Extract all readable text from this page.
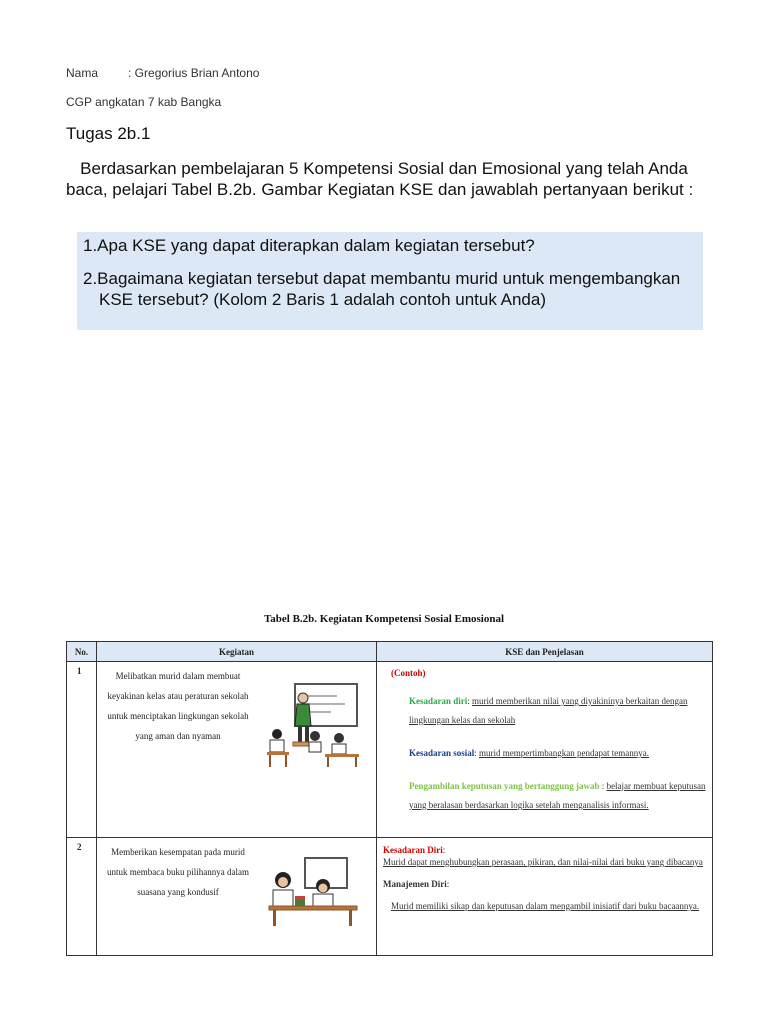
Nama	: Gregorius Brian Antono
CGP angkatan 7 kab Bangka
Tugas 2b.1
Berdasarkan pembelajaran 5 Kompetensi Sosial dan Emosional yang telah Anda baca, pelajari Tabel B.2b. Gambar Kegiatan KSE dan jawablah pertanyaan berikut :
1.Apa KSE yang dapat diterapkan dalam kegiatan tersebut?
2.Bagaimana kegiatan tersebut dapat membantu murid untuk mengembangkan KSE tersebut? (Kolom 2 Baris 1 adalah contoh untuk Anda)
Tabel B.2b. Kegiatan Kompetensi Sosial Emosional
No.	Kegiatan	KSE dan Penjelasan
1	Melibatkan murid dalam membuat keyakinan kelas atau peraturan sekolah untuk menciptakan lingkungan sekolah yang aman dan nyaman	(Contoh)
Kesadaran diri: murid memberikan nilai yang diyakininya berkaitan dengan lingkungan kelas dan sekolah
Kesadaran sosial: murid mempertimbangkan pendapat temannya.
Pengambilan keputusan yang bertanggung jawab : belajar membuat keputusan yang beralasan berdasarkan logika setelah menganalisis informasi.

2	Memberikan kesempatan pada murid untuk membaca buku pilihannya dalam suasana yang kondusif	Kesadaran Diri:
Murid dapat menghubungkan perasaan, pikiran, dan nilai-nilai dari buku yang dibacanya
Manajemen Diri:
Murid memiliki sikap dan keputusan dalam mengambil inisiatif dari buku bacaannya.
